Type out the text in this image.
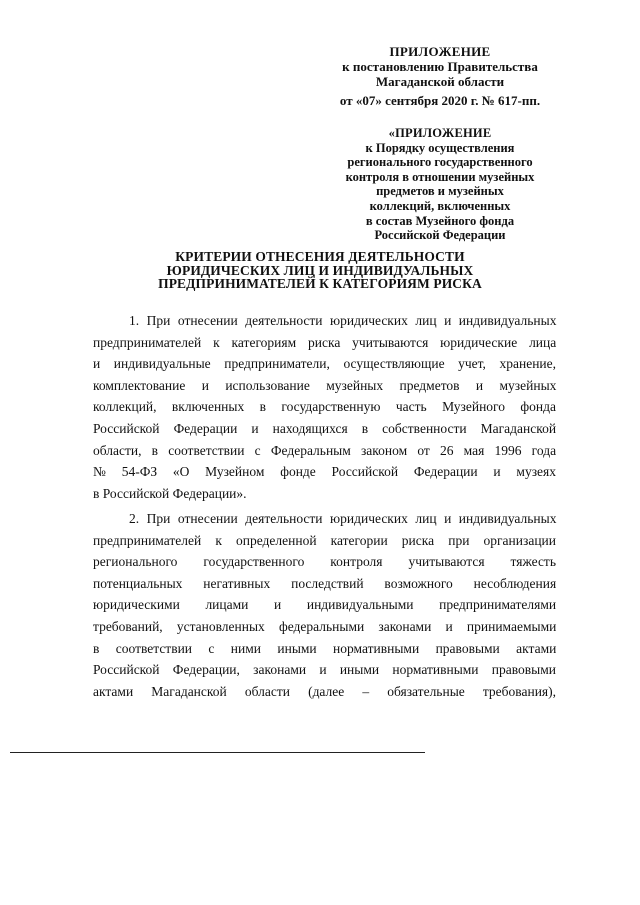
ПРИЛОЖЕНИЕ
к постановлению Правительства
Магаданской области
от «07» сентября 2020 г. № 617-пп.
«ПРИЛОЖЕНИЕ
к Порядку осуществления
регионального государственного
контроля в отношении музейных
предметов и музейных
коллекций, включенных
в состав Музейного фонда
Российской Федерации
КРИТЕРИИ ОТНЕСЕНИЯ ДЕЯТЕЛЬНОСТИ
ЮРИДИЧЕСКИХ ЛИЦ И ИНДИВИДУАЛЬНЫХ
ПРЕДПРИНИМАТЕЛЕЙ К КАТЕГОРИЯМ РИСКА
1. При отнесении деятельности юридических лиц и индивидуальных
предпринимателей к категориям риска учитываются юридические лица
и индивидуальные предприниматели, осуществляющие учет, хранение,
комплектование и использование музейных предметов и музейных
коллекций, включенных в государственную часть Музейного фонда
Российской Федерации и находящихся в собственности Магаданской
области, в соответствии с Федеральным законом от 26 мая 1996 года
№ 54-ФЗ «О Музейном фонде Российской Федерации и музеях
в Российской Федерации».
2. При отнесении деятельности юридических лиц и индивидуальных
предпринимателей к определенной категории риска при организации
регионального государственного контроля учитываются тяжесть
потенциальных негативных последствий возможного несоблюдения
юридическими лицами и индивидуальными предпринимателями
требований, установленных федеральными законами и принимаемыми
в соответствии с ними иными нормативными правовыми актами
Российской Федерации, законами и иными нормативными правовыми
актами Магаданской области (далее – обязательные требования),
